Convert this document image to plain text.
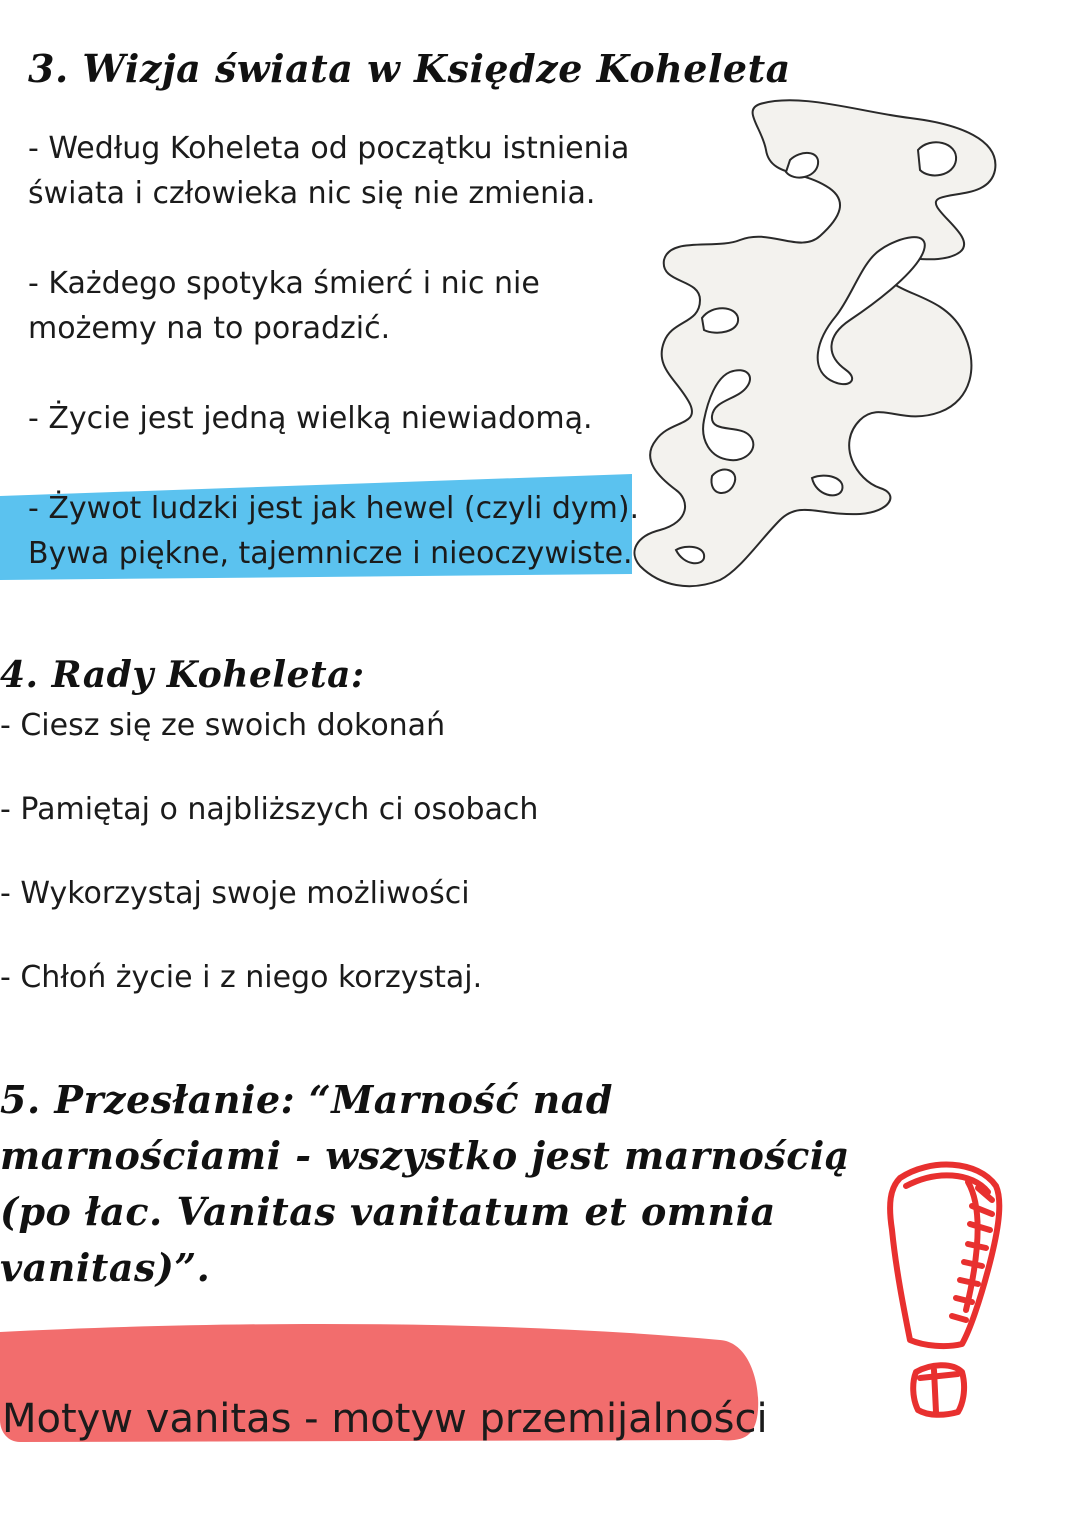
3. Wizja świata w Księdze Koheleta

- Według Koheleta od początku istnienia

świata i człowieka nic się nie zmienia.

- Każdego spotyka śmierć i nic nie

możemy na to poradzić.

- Życie jest jedną wielką niewiadomą.

- Żywot ludzki jest jak hewel (czyli dym).

Bywa piękne, tajemnicze i nieoczywiste.

4. Rady Koheleta:

- Ciesz się ze swoich dokonań

- Pamiętaj o najbliższych ci osobach

- Wykorzystaj swoje możliwości

- Chłoń życie i z niego korzystaj.

5. Przesłanie: “Marność nad marnościami - wszystko jest marnością (po łac. Vanitas vanitatum et omnia vanitas)”.

Motyw vanitas - motyw przemijalności
